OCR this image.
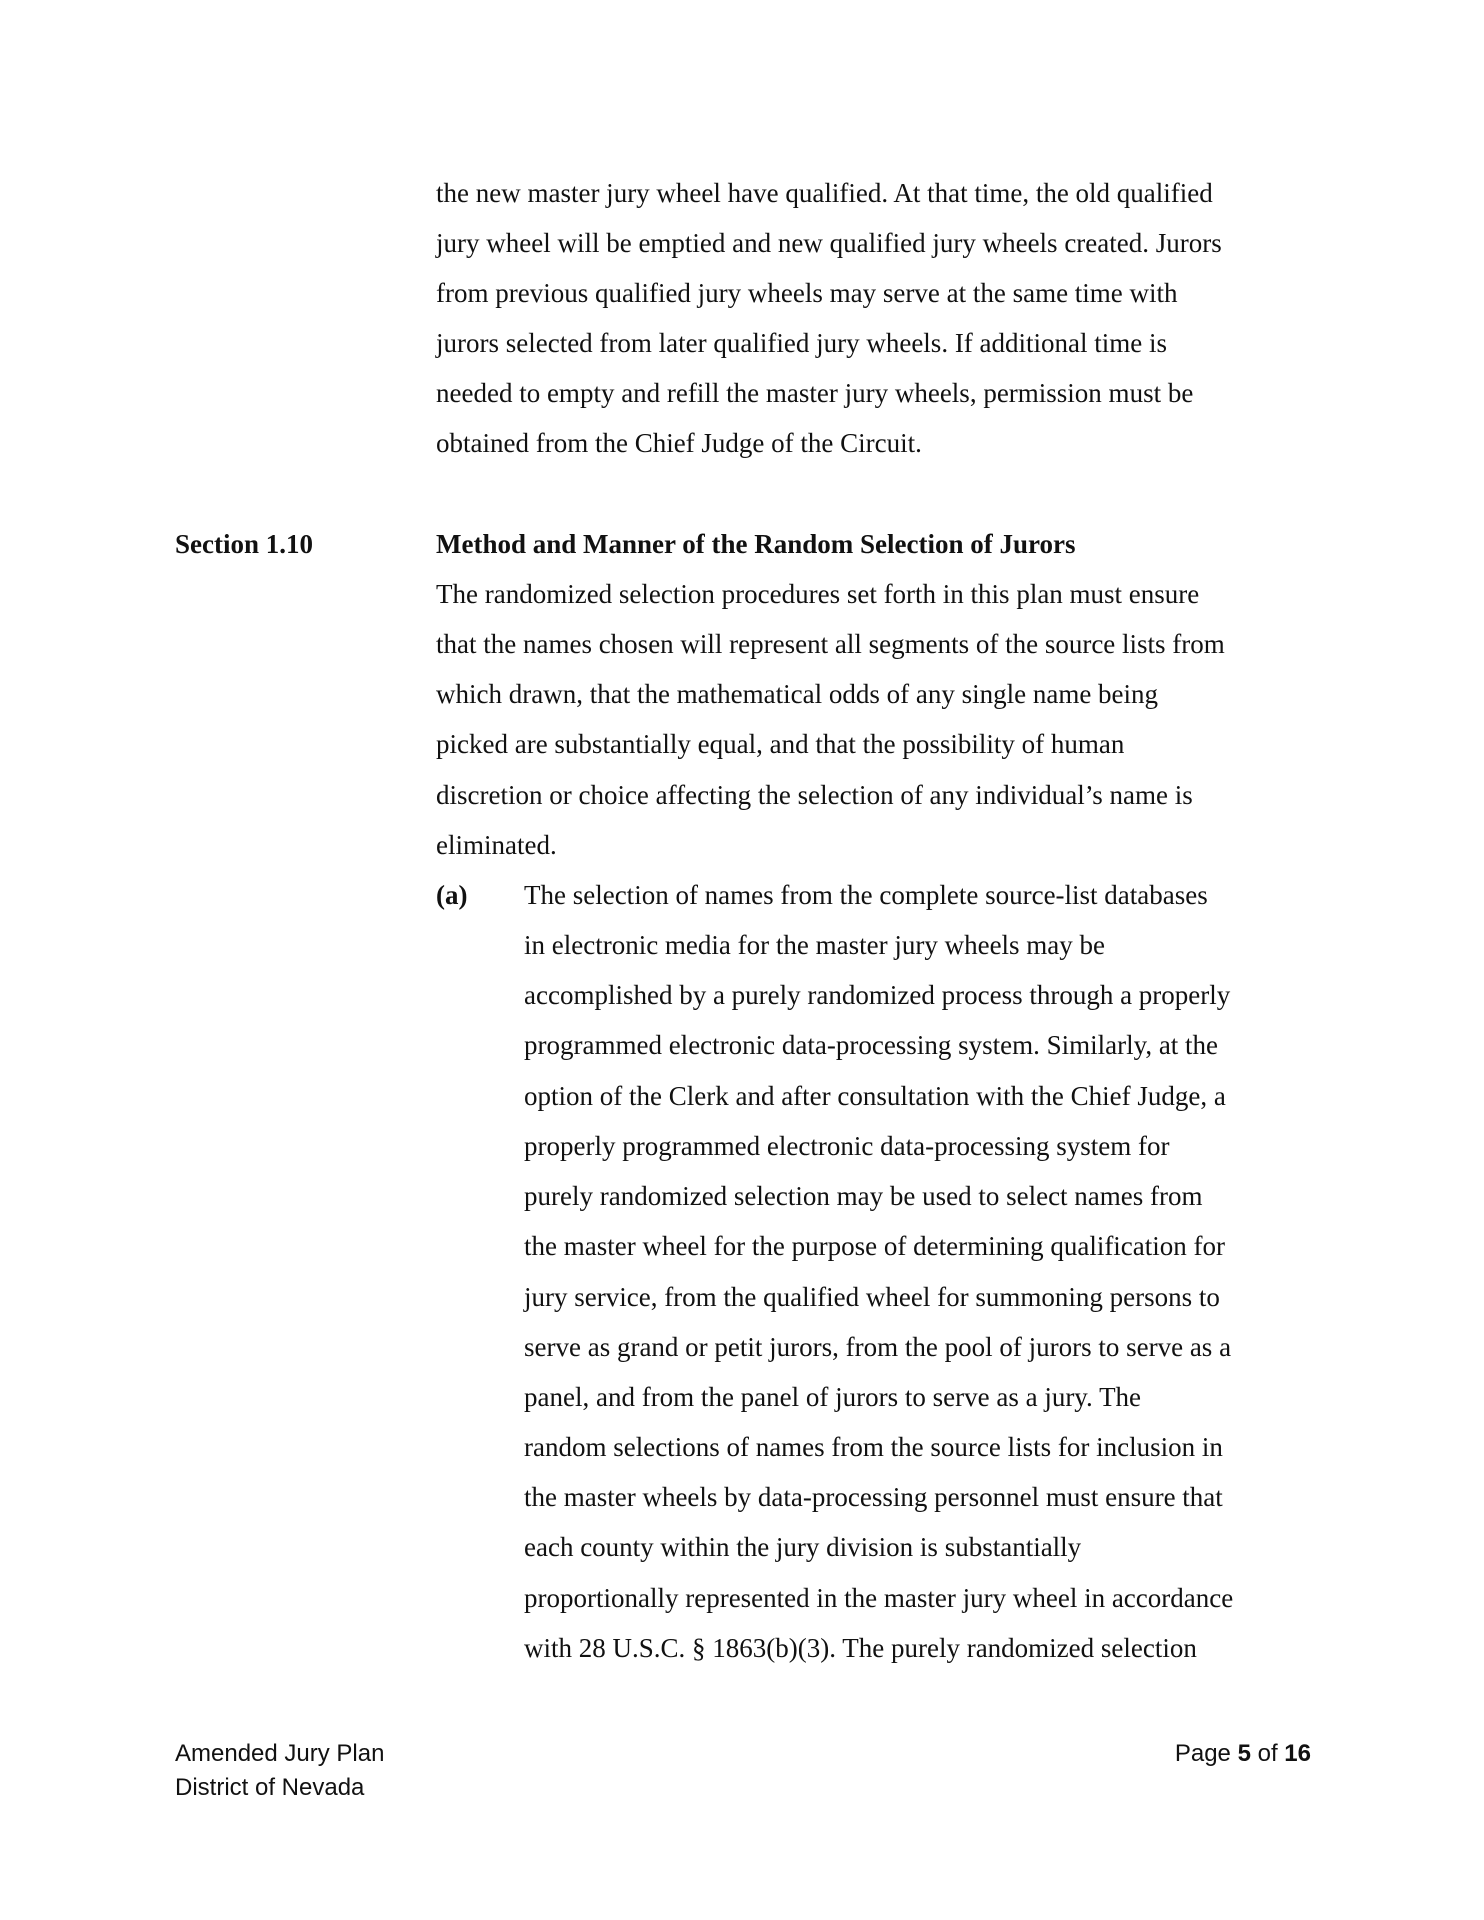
the new master jury wheel have qualified. At that time, the old qualified
jury wheel will be emptied and new qualified jury wheels created. Jurors
from previous qualified jury wheels may serve at the same time with
jurors selected from later qualified jury wheels. If additional time is
needed to empty and refill the master jury wheels, permission must be
obtained from the Chief Judge of the Circuit.
Section 1.10	Method and Manner of the Random Selection of Jurors
The randomized selection procedures set forth in this plan must ensure
that the names chosen will represent all segments of the source lists from
which drawn, that the mathematical odds of any single name being
picked are substantially equal, and that the possibility of human
discretion or choice affecting the selection of any individual’s name is
eliminated.
(a) The selection of names from the complete source-list databases
in electronic media for the master jury wheels may be
accomplished by a purely randomized process through a properly
programmed electronic data-processing system. Similarly, at the
option of the Clerk and after consultation with the Chief Judge, a
properly programmed electronic data-processing system for
purely randomized selection may be used to select names from
the master wheel for the purpose of determining qualification for
jury service, from the qualified wheel for summoning persons to
serve as grand or petit jurors, from the pool of jurors to serve as a
panel, and from the panel of jurors to serve as a jury. The
random selections of names from the source lists for inclusion in
the master wheels by data-processing personnel must ensure that
each county within the jury division is substantially
proportionally represented in the master jury wheel in accordance
with 28 U.S.C. § 1863(b)(3). The purely randomized selection
Amended Jury Plan
District of Nevada
Page 5 of 16
